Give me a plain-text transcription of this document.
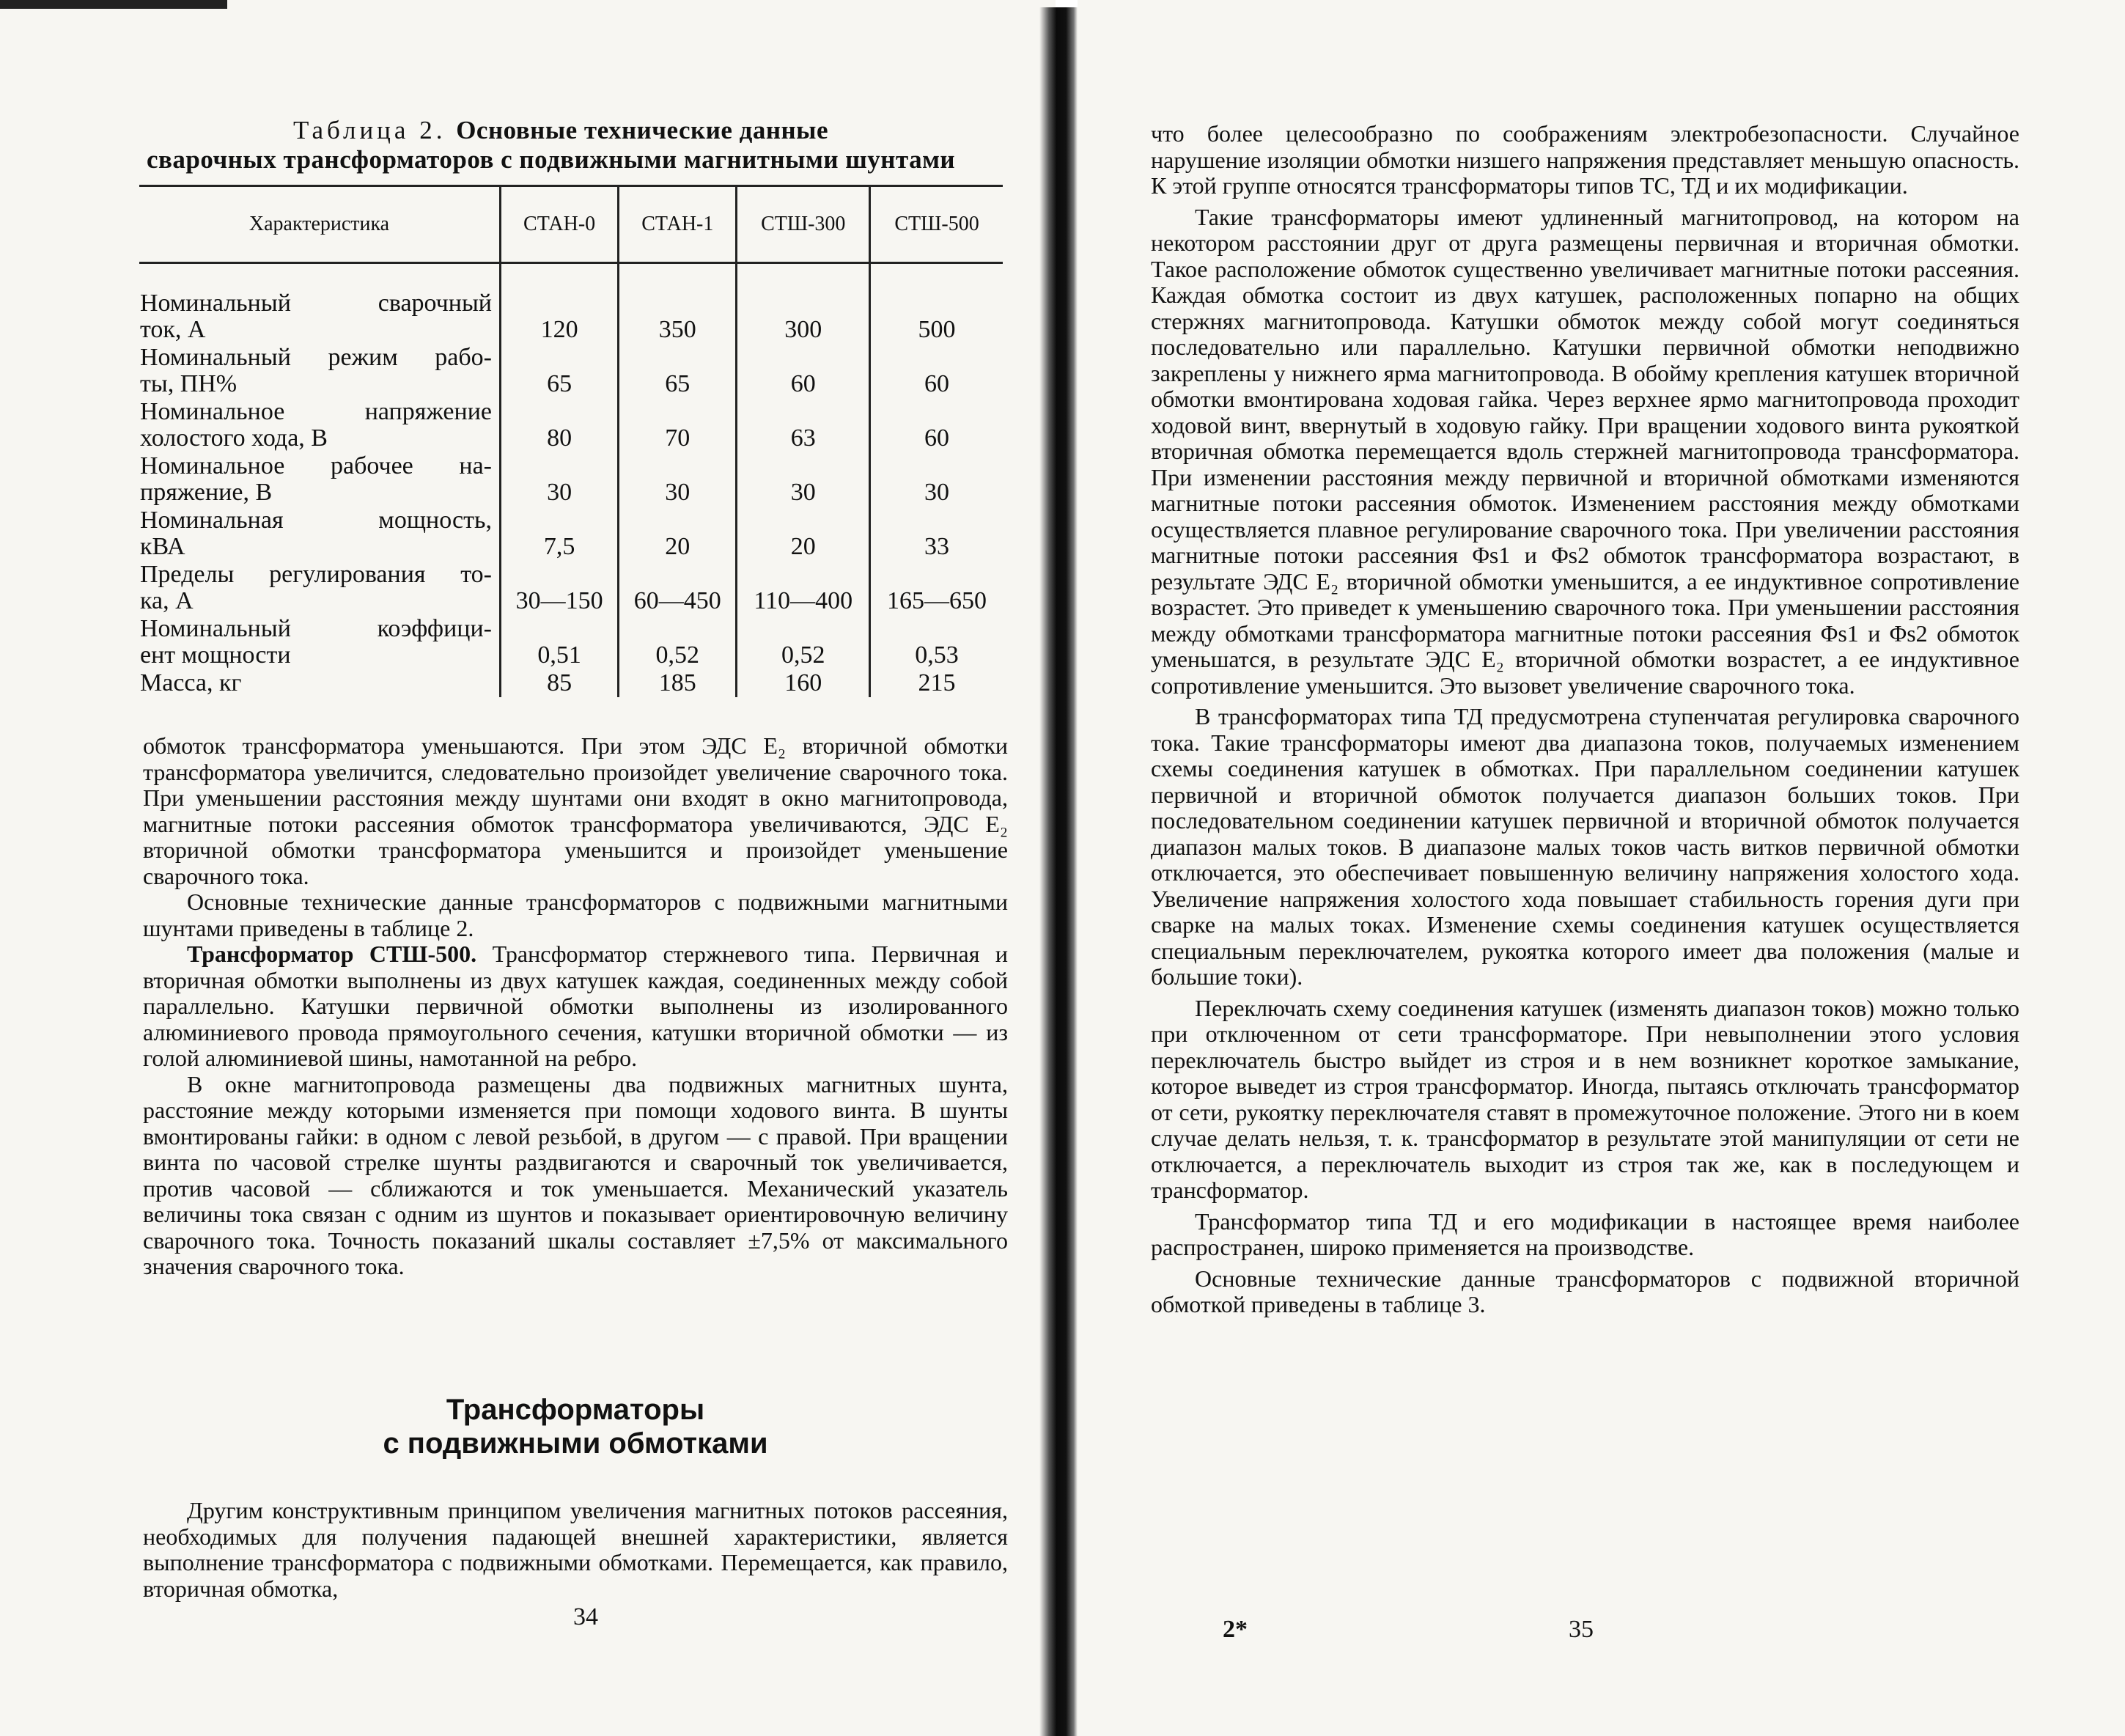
Таблица 2. Основные технические данные
сварочных трансформаторов с подвижными магнитными шунтами
Характеристика	СТАН-0	СТАН-1	СТШ-300	СТШ-500
Номинальный сварочный
ток, А	120	350	300	500

Номинальный режим рабо-
ты, ПН%	65	65	60	60

Номинальное напряжение
холостого хода, В	80	70	63	60

Номинальное рабочее на-
пряжение, В	30	30	30	30

Номинальная мощность,
кВА	7,5	20	20	33

Пределы регулирования то-
ка, А	30—150	60—450	110—400	165—650

Номинальный коэффици-
ент мощности	0,51	0,52	0,52	0,53

Масса, кг	85	185	160	215

обмоток трансформатора уменьшаются. При этом ЭДС E₂ вторичной обмотки трансформатора увеличится, следовательно произойдет увеличение сварочного тока. При уменьшении расстояния между шунтами они входят в окно магнитопровода, магнитные потоки рассеяния обмоток трансформатора увеличиваются, ЭДС E₂ вторичной обмотки трансформатора уменьшится и произойдет уменьшение сварочного тока.

Основные технические данные трансформаторов с подвижными магнитными шунтами приведены в таблице 2.

Трансформатор СТШ-500. Трансформатор стержневого типа. Первичная и вторичная обмотки выполнены из двух катушек каждая, соединенных между собой параллельно. Катушки первичной обмотки выполнены из изолированного алюминиевого провода прямоугольного сечения, катушки вторичной обмотки — из голой алюминиевой шины, намотанной на ребро.

В окне магнитопровода размещены два подвижных магнитных шунта, расстояние между которыми изменяется при помощи ходового винта. В шунты вмонтированы гайки: в одном с левой резьбой, в другом — с правой. При вращении винта по часовой стрелке шунты раздвигаются и сварочный ток увеличивается, против часовой — сближаются и ток уменьшается. Механический указатель величины тока связан с одним из шунтов и показывает ориентировочную величину сварочного тока. Точность показаний шкалы составляет ±7,5% от максимального значения сварочного тока.

Трансформаторы
с подвижными обмотками

Другим конструктивным принципом увеличения магнитных потоков рассеяния, необходимых для получения падающей внешней характеристики, является выполнение трансформатора с подвижными обмотками. Перемещается, как правило, вторичная обмотка,

34

что более целесообразно по соображениям электробезопасности. Случайное нарушение изоляции обмотки низшего напряжения представляет меньшую опасность. К этой группе относятся трансформаторы типов ТС, ТД и их модификации.

Такие трансформаторы имеют удлиненный магнитопровод, на котором на некотором расстоянии друг от друга размещены первичная и вторичная обмотки. Такое расположение обмоток существенно увеличивает магнитные потоки рассеяния. Каждая обмотка состоит из двух катушек, расположенных попарно на общих стержнях магнитопровода. Катушки обмоток между собой могут соединяться последовательно или параллельно. Катушки первичной обмотки неподвижно закреплены у нижнего ярма магнитопровода. В обойму крепления катушек вторичной обмотки вмонтирована ходовая гайка. Через верхнее ярмо магнитопровода проходит ходовой винт, ввернутый в ходовую гайку. При вращении ходового винта рукояткой вторичная обмотка перемещается вдоль стержней магнитопровода трансформатора. При изменении расстояния между первичной и вторичной обмотками изменяются магнитные потоки рассеяния обмоток. Изменением расстояния между обмотками осуществляется плавное регулирование сварочного тока. При увеличении расстояния магнитные потоки рассеяния Φs1 и Φs2 обмоток трансформатора возрастают, в результате ЭДС E₂ вторичной обмотки уменьшится, а ее индуктивное сопротивление возрастет. Это приведет к уменьшению сварочного тока. При уменьшении расстояния между обмотками трансформатора магнитные потоки рассеяния Φs1 и Φs2 обмоток уменьшатся, в результате ЭДС E₂ вторичной обмотки возрастет, а ее индуктивное сопротивление уменьшится. Это вызовет увеличение сварочного тока.

В трансформаторах типа ТД предусмотрена ступенчатая регулировка сварочного тока. Такие трансформаторы имеют два диапазона токов, получаемых изменением схемы соединения катушек в обмотках. При параллельном соединении катушек первичной и вторичной обмоток получается диапазон больших токов. При последовательном соединении катушек первичной и вторичной обмоток получается диапазон малых токов. В диапазоне малых токов часть витков первичной обмотки отключается, это обеспечивает повышенную величину напряжения холостого хода. Увеличение напряжения холостого хода повышает стабильность горения дуги при сварке на малых токах. Изменение схемы соединения катушек осуществляется специальным переключателем, рукоятка которого имеет два положения (малые и большие токи).

Переключать схему соединения катушек (изменять диапазон токов) можно только при отключенном от сети трансформаторе. При невыполнении этого условия переключатель быстро выйдет из строя и в нем возникнет короткое замыкание, которое выведет из строя трансформатор. Иногда, пытаясь отключать трансформатор от сети, рукоятку переключателя ставят в промежуточное положение. Этого ни в коем случае делать нельзя, т. к. трансформатор в результате этой манипуляции от сети не отключается, а переключатель выходит из строя так же, как в последующем и трансформатор.

Трансформатор типа ТД и его модификации в настоящее время наиболее распространен, широко применяется на производстве.

Основные технические данные трансформаторов с подвижной вторичной обмоткой приведены в таблице 3.

2*	35
